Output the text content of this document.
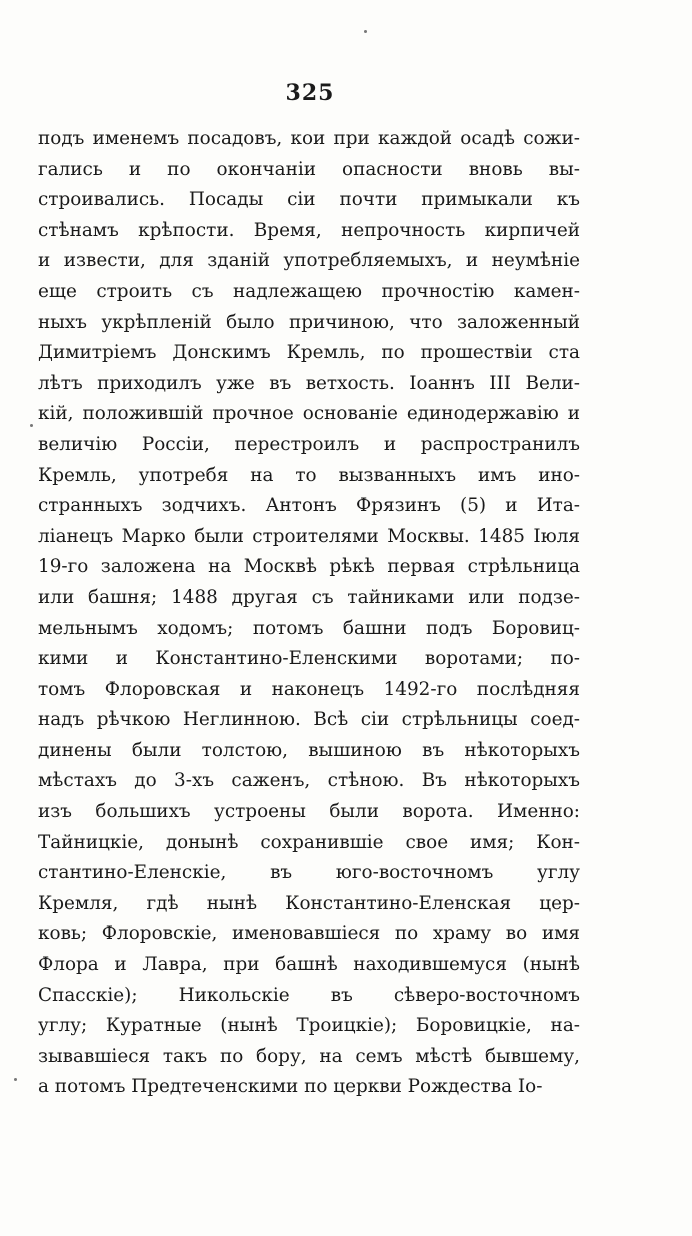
325
подъ именемъ посадовъ, кои при каждой осадѣ сожи-
гались и по окончаніи опасности вновь вы-
строивались. Посады сіи почти примыкали къ
стѣнамъ крѣпости. Время, непрочность кирпичей
и извести, для зданій употребляемыхъ, и неумѣніе
еще строить съ надлежащею прочностію камен-
ныхъ укрѣпленій было причиною, что заложенный
Димитріемъ Донскимъ Кремль, по прошествіи ста
лѣтъ приходилъ уже въ ветхость. Іоаннъ III Вели-
кій, положившій прочное основаніе единодержавію и
величію Россіи, перестроилъ и распространилъ
Кремль, употребя на то вызванныхъ имъ ино-
странныхъ зодчихъ. Антонъ Фрязинъ (5) и Ита-
ліанецъ Марко были строителями Москвы. 1485 Іюля
19-го заложена на Москвѣ рѣкѣ первая стрѣльница
или башня; 1488 другая съ тайниками или подзе-
мельнымъ ходомъ; потомъ башни подъ Боровиц-
кими и Константино-Еленскими воротами; по-
томъ Флоровская и наконецъ 1492-го послѣдняя
надъ рѣчкою Неглинною. Всѣ сіи стрѣльницы соед-
динены были толстою, вышиною въ нѣкоторыхъ
мѣстахъ до 3-хъ саженъ, стѣною. Въ нѣкоторыхъ
изъ большихъ устроены были ворота. Именно:
Тайницкіе, донынѣ сохранившіе свое имя; Кон-
стантино-Еленскіе, въ юго-восточномъ углу
Кремля, гдѣ нынѣ Константино-Еленская цер-
ковь; Флоровскіе, именовавшіеся по храму во имя
Флора и Лавра, при башнѣ находившемуся (нынѣ
Спасскіе); Никольскіе въ сѣверо-восточномъ
углу; Куратные (нынѣ Троицкіе); Боровицкіе, на-
зывавшіеся такъ по бору, на семъ мѣстѣ бывшему,
а потомъ Предтеченскими по церкви Рождества Іо-
